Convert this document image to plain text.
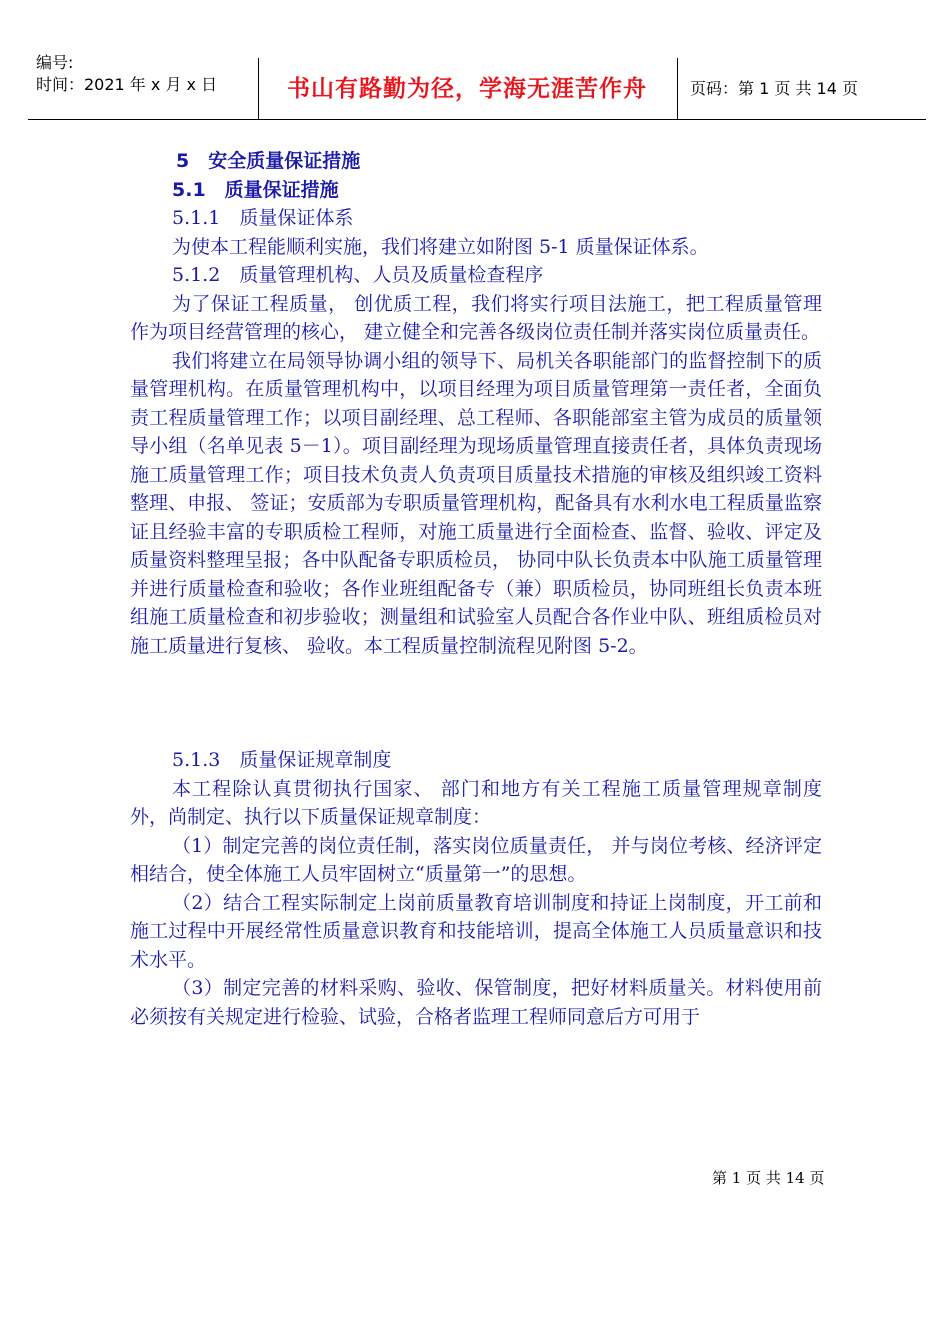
编号:
时间：2021 年 x 月 x 日	书山有路勤为径，学海无涯苦作舟	页码：第 1 页 共 14 页
5　安全质量保证措施
5.1　质量保证措施
5.1.1　质量保证体系

为使本工程能顺利实施，我们将建立如附图 5-1 质量保证体系。

5.1.2　质量管理机构、人员及质量检查程序

为了保证工程质量， 创优质工程，我们将实行项目法施工，把工程质量管理作为项目经营管理的核心， 建立健全和完善各级岗位责任制并落实岗位质量责任。

我们将建立在局领导协调小组的领导下、局机关各职能部门的监督控制下的质量管理机构。在质量管理机构中，以项目经理为项目质量管理第一责任者，全面负责工程质量管理工作；以项目副经理、总工程师、各职能部室主管为成员的质量领导小组（名单见表 5－1）。项目副经理为现场质量管理直接责任者，具体负责现场施工质量管理工作；项目技术负责人负责项目质量技术措施的审核及组织竣工资料整理、申报、 签证；安质部为专职质量管理机构，配备具有水利水电工程质量监察证且经验丰富的专职质检工程师，对施工质量进行全面检查、监督、验收、评定及质量资料整理呈报；各中队配备专职质检员， 协同中队长负责本中队施工质量管理并进行质量检查和验收；各作业班组配备专（兼）职质检员，协同班组长负责本班组施工质量检查和初步验收；测量组和试验室人员配合各作业中队、班组质检员对施工质量进行复核、 验收。本工程质量控制流程见附图 5-2。

5.1.3　质量保证规章制度

本工程除认真贯彻执行国家、 部门和地方有关工程施工质量管理规章制度外，尚制定、执行以下质量保证规章制度：

（1）制定完善的岗位责任制，落实岗位质量责任， 并与岗位考核、经济评定相结合，使全体施工人员牢固树立“质量第一”的思想。

（2）结合工程实际制定上岗前质量教育培训制度和持证上岗制度，开工前和施工过程中开展经常性质量意识教育和技能培训，提高全体施工人员质量意识和技术水平。

（3）制定完善的材料采购、验收、保管制度，把好材料质量关。材料使用前必须按有关规定进行检验、试验，合格者监理工程师同意后方可用于

第 1 页 共 14 页
